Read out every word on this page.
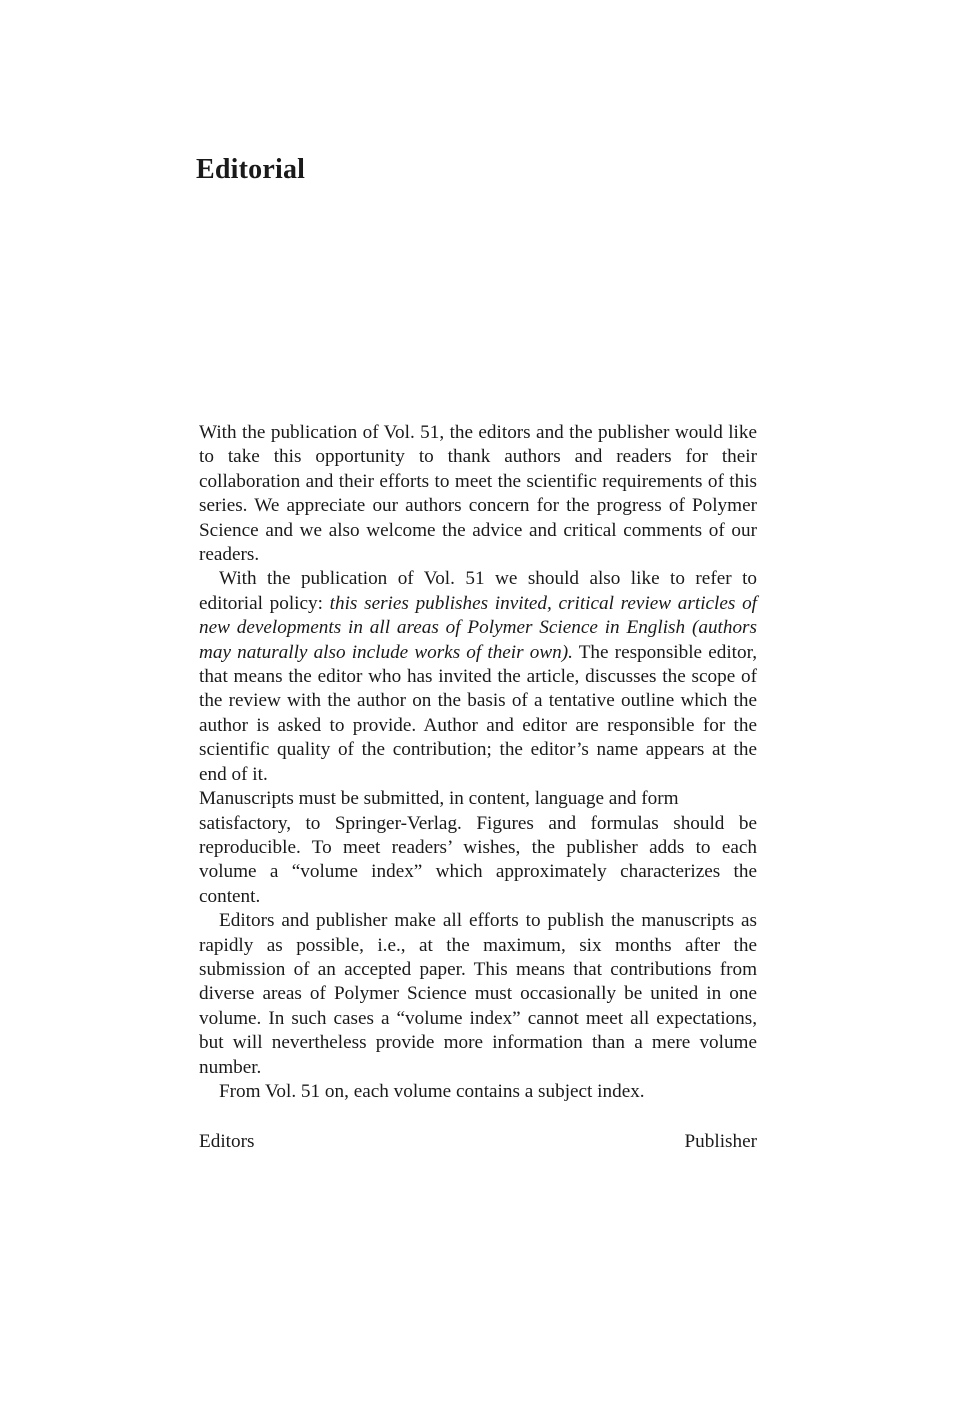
Editorial

With the publication of Vol. 51, the editors and the publisher would like to take this opportunity to thank authors and readers for their collaboration and their efforts to meet the scientific requirements of this series. We appreciate our authors concern for the progress of Polymer Science and we also welcome the advice and critical comments of our readers.

With the publication of Vol. 51 we should also like to refer to editorial policy: this series publishes invited, critical review articles of new developments in all areas of Polymer Science in English (authors may naturally also include works of their own). The responsible editor, that means the editor who has invited the article, discusses the scope of the review with the author on the basis of a tentative outline which the author is asked to provide. Author and editor are responsible for the scientific quality of the contribution; the editor’s name appears at the end of it.

Manuscripts must be submitted, in content, language and form

satisfactory, to Springer-Verlag. Figures and formulas should be reproducible. To meet readers’ wishes, the publisher adds to each volume a “volume index” which approximately characterizes the content.

Editors and publisher make all efforts to publish the manuscripts as rapidly as possible, i.e., at the maximum, six months after the submission of an accepted paper. This means that contributions from diverse areas of Polymer Science must occasionally be united in one volume. In such cases a “volume index” cannot meet all expectations, but will nevertheless provide more information than a mere volume number.

From Vol. 51 on, each volume contains a subject index.

Editors	Publisher
